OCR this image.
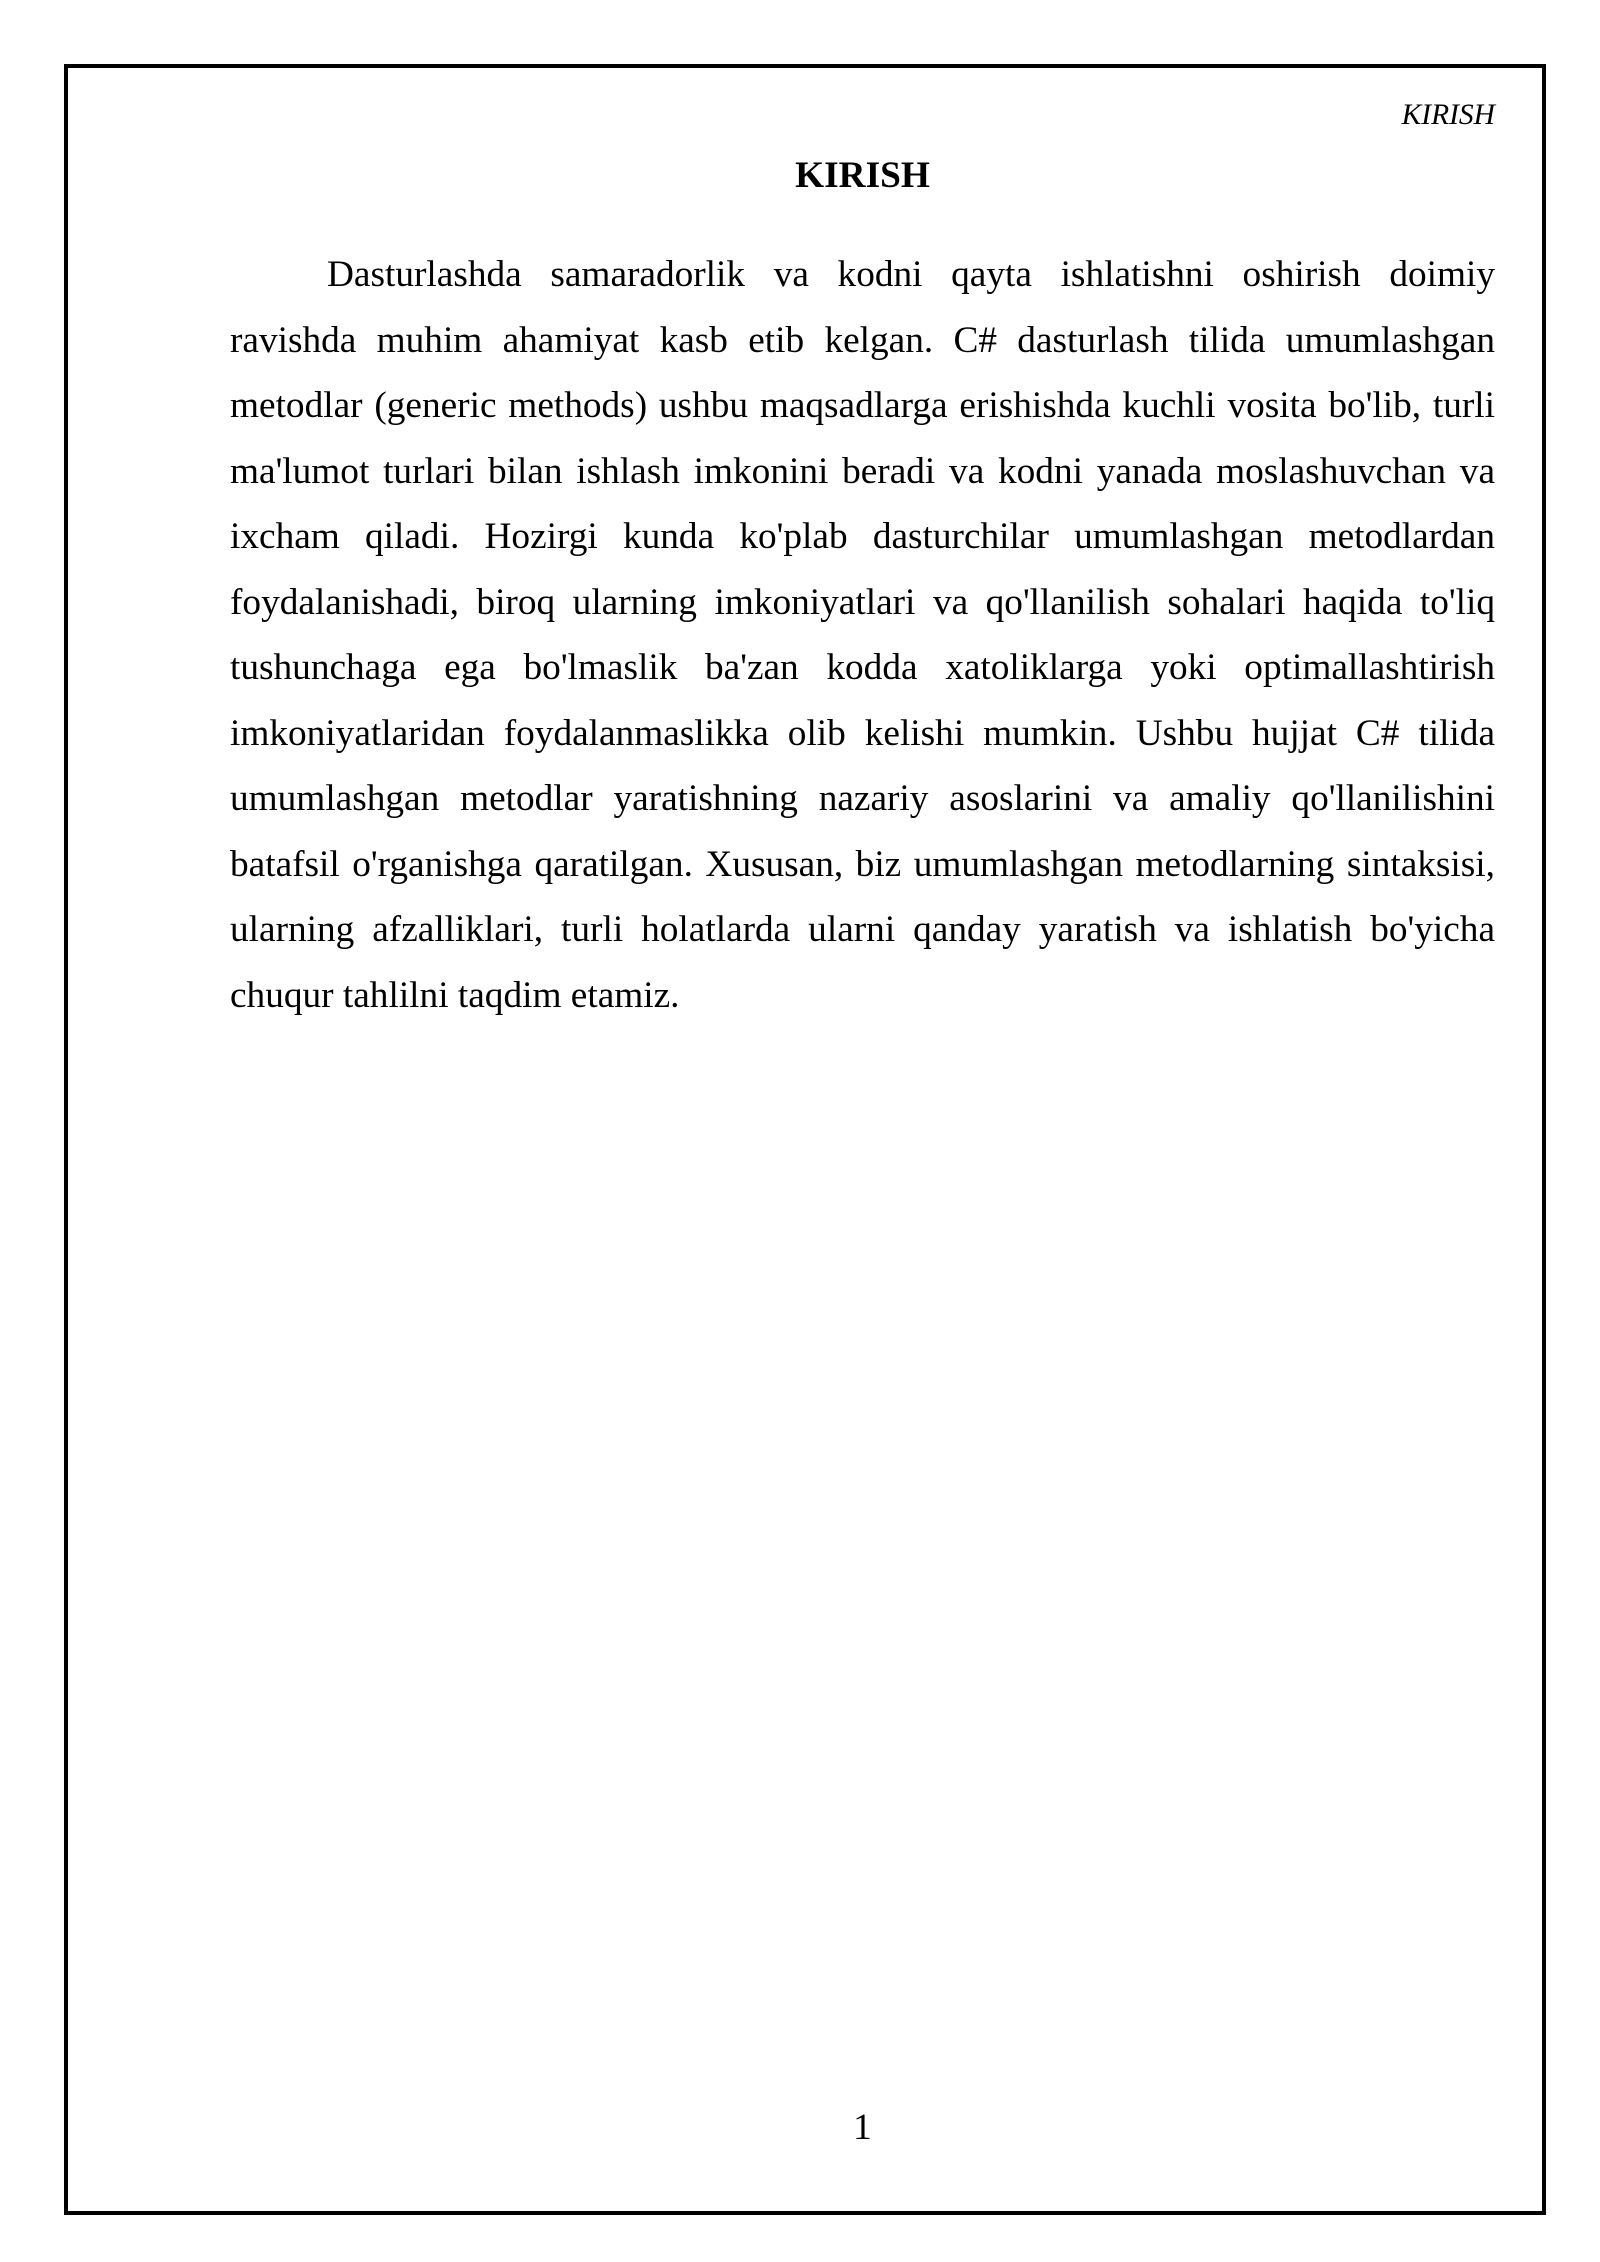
KIRISH
KIRISH
Dasturlashda samaradorlik va kodni qayta ishlatishni oshirish doimiy
ravishda muhim ahamiyat kasb etib kelgan. C# dasturlash tilida umumlashgan
metodlar (generic methods) ushbu maqsadlarga erishishda kuchli vosita bo'lib, turli
ma'lumot turlari bilan ishlash imkonini beradi va kodni yanada moslashuvchan va
ixcham qiladi. Hozirgi kunda ko'plab dasturchilar umumlashgan metodlardan
foydalanishadi, biroq ularning imkoniyatlari va qo'llanilish sohalari haqida to'liq
tushunchaga ega bo'lmaslik ba'zan kodda xatoliklarga yoki optimallashtirish
imkoniyatlaridan foydalanmaslikka olib kelishi mumkin. Ushbu hujjat C# tilida
umumlashgan metodlar yaratishning nazariy asoslarini va amaliy qo'llanilishini
batafsil o'rganishga qaratilgan. Xususan, biz umumlashgan metodlarning sintaksisi,
ularning afzalliklari, turli holatlarda ularni qanday yaratish va ishlatish bo'yicha
chuqur tahlilni taqdim etamiz.
1
